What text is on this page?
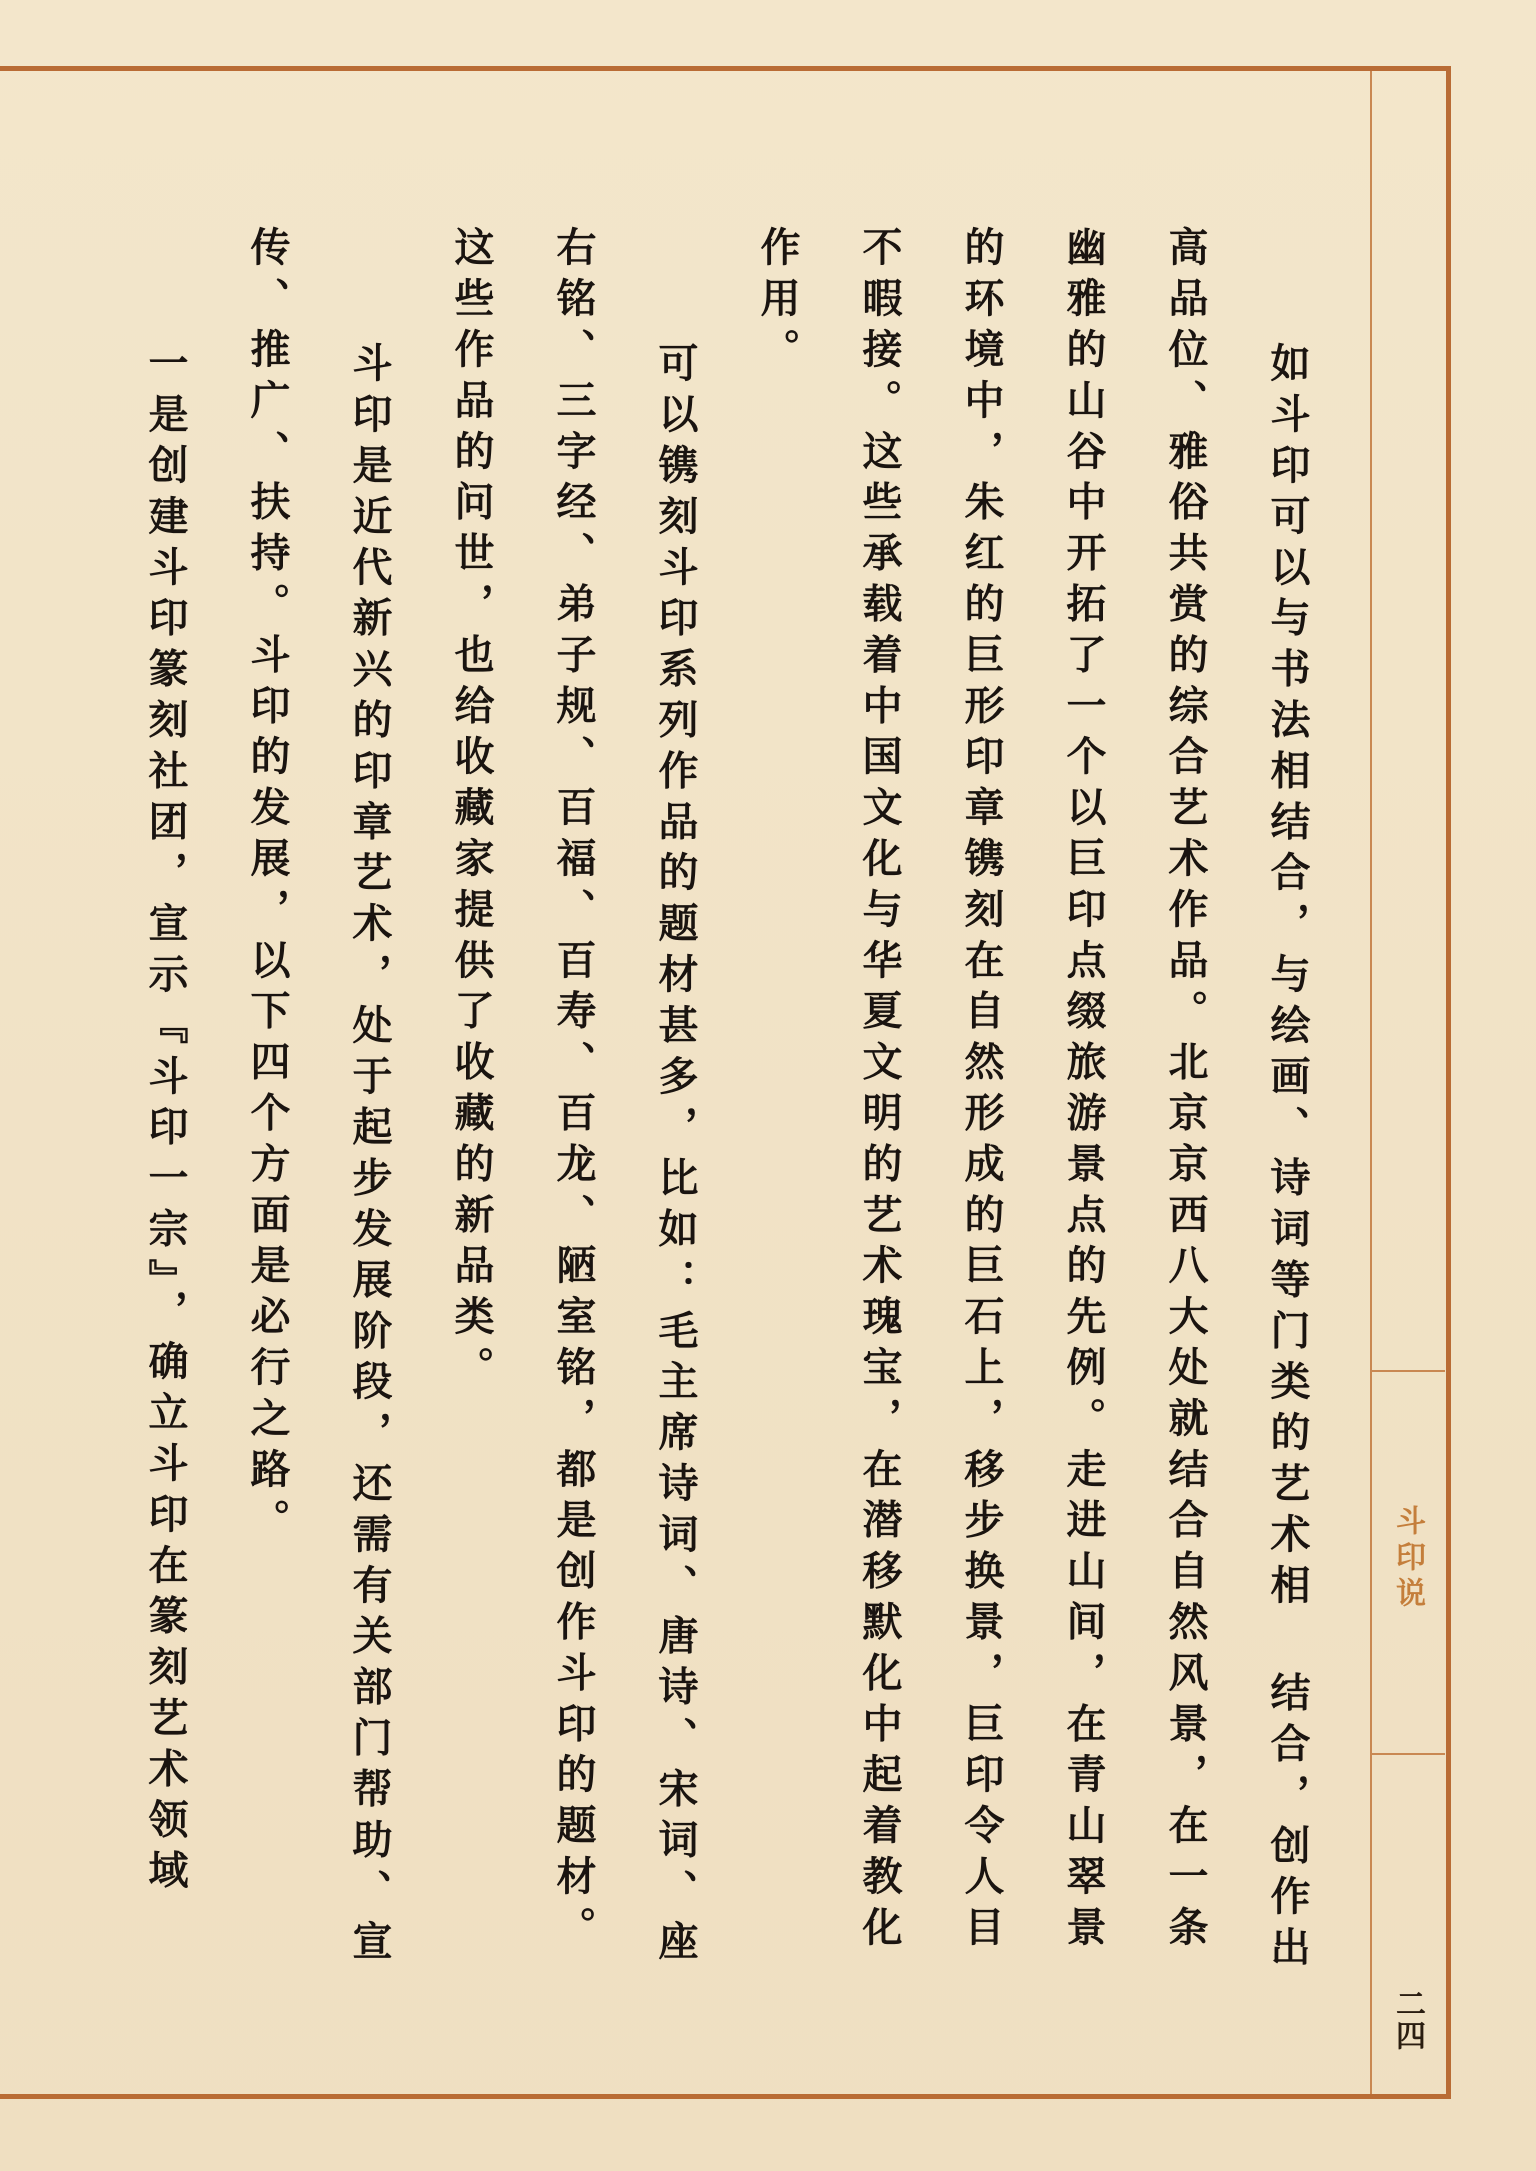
斗印说
二四

如斗印可以与书法相结合，与绘画、诗词等门类的艺术相 结合，创作出高品位、雅俗共赏的综合艺术作品。北京京西八大处就结合自然风景，在一条幽雅的山谷中开拓了一个以巨印点缀旅游景点的先例。走进山间，在青山翠景的环境中，朱红的巨形印章镌刻在自然形成的巨石上，移步换景，巨印令人目不暇接。这些承载着中国文化与华夏文明的艺术瑰宝，在潜移默化中起着教化作用。

可以镌刻斗印系列作品的题材甚多，比如：毛主席诗词、唐诗、宋词、座右铭、三字经、弟子规、百福、百寿、百龙、陋室铭，都是创作斗印的题材。这些作品的问世，也给收藏家提供了收藏的新品类。

斗印是近代新兴的印章艺术，处于起步发展阶段，还需有关部门帮助、宣传、推广、扶持。斗印的发展，以下四个方面是必行之路。

一是创建斗印篆刻社团，宣示『斗印一宗』，确立斗印在篆刻艺术领域
